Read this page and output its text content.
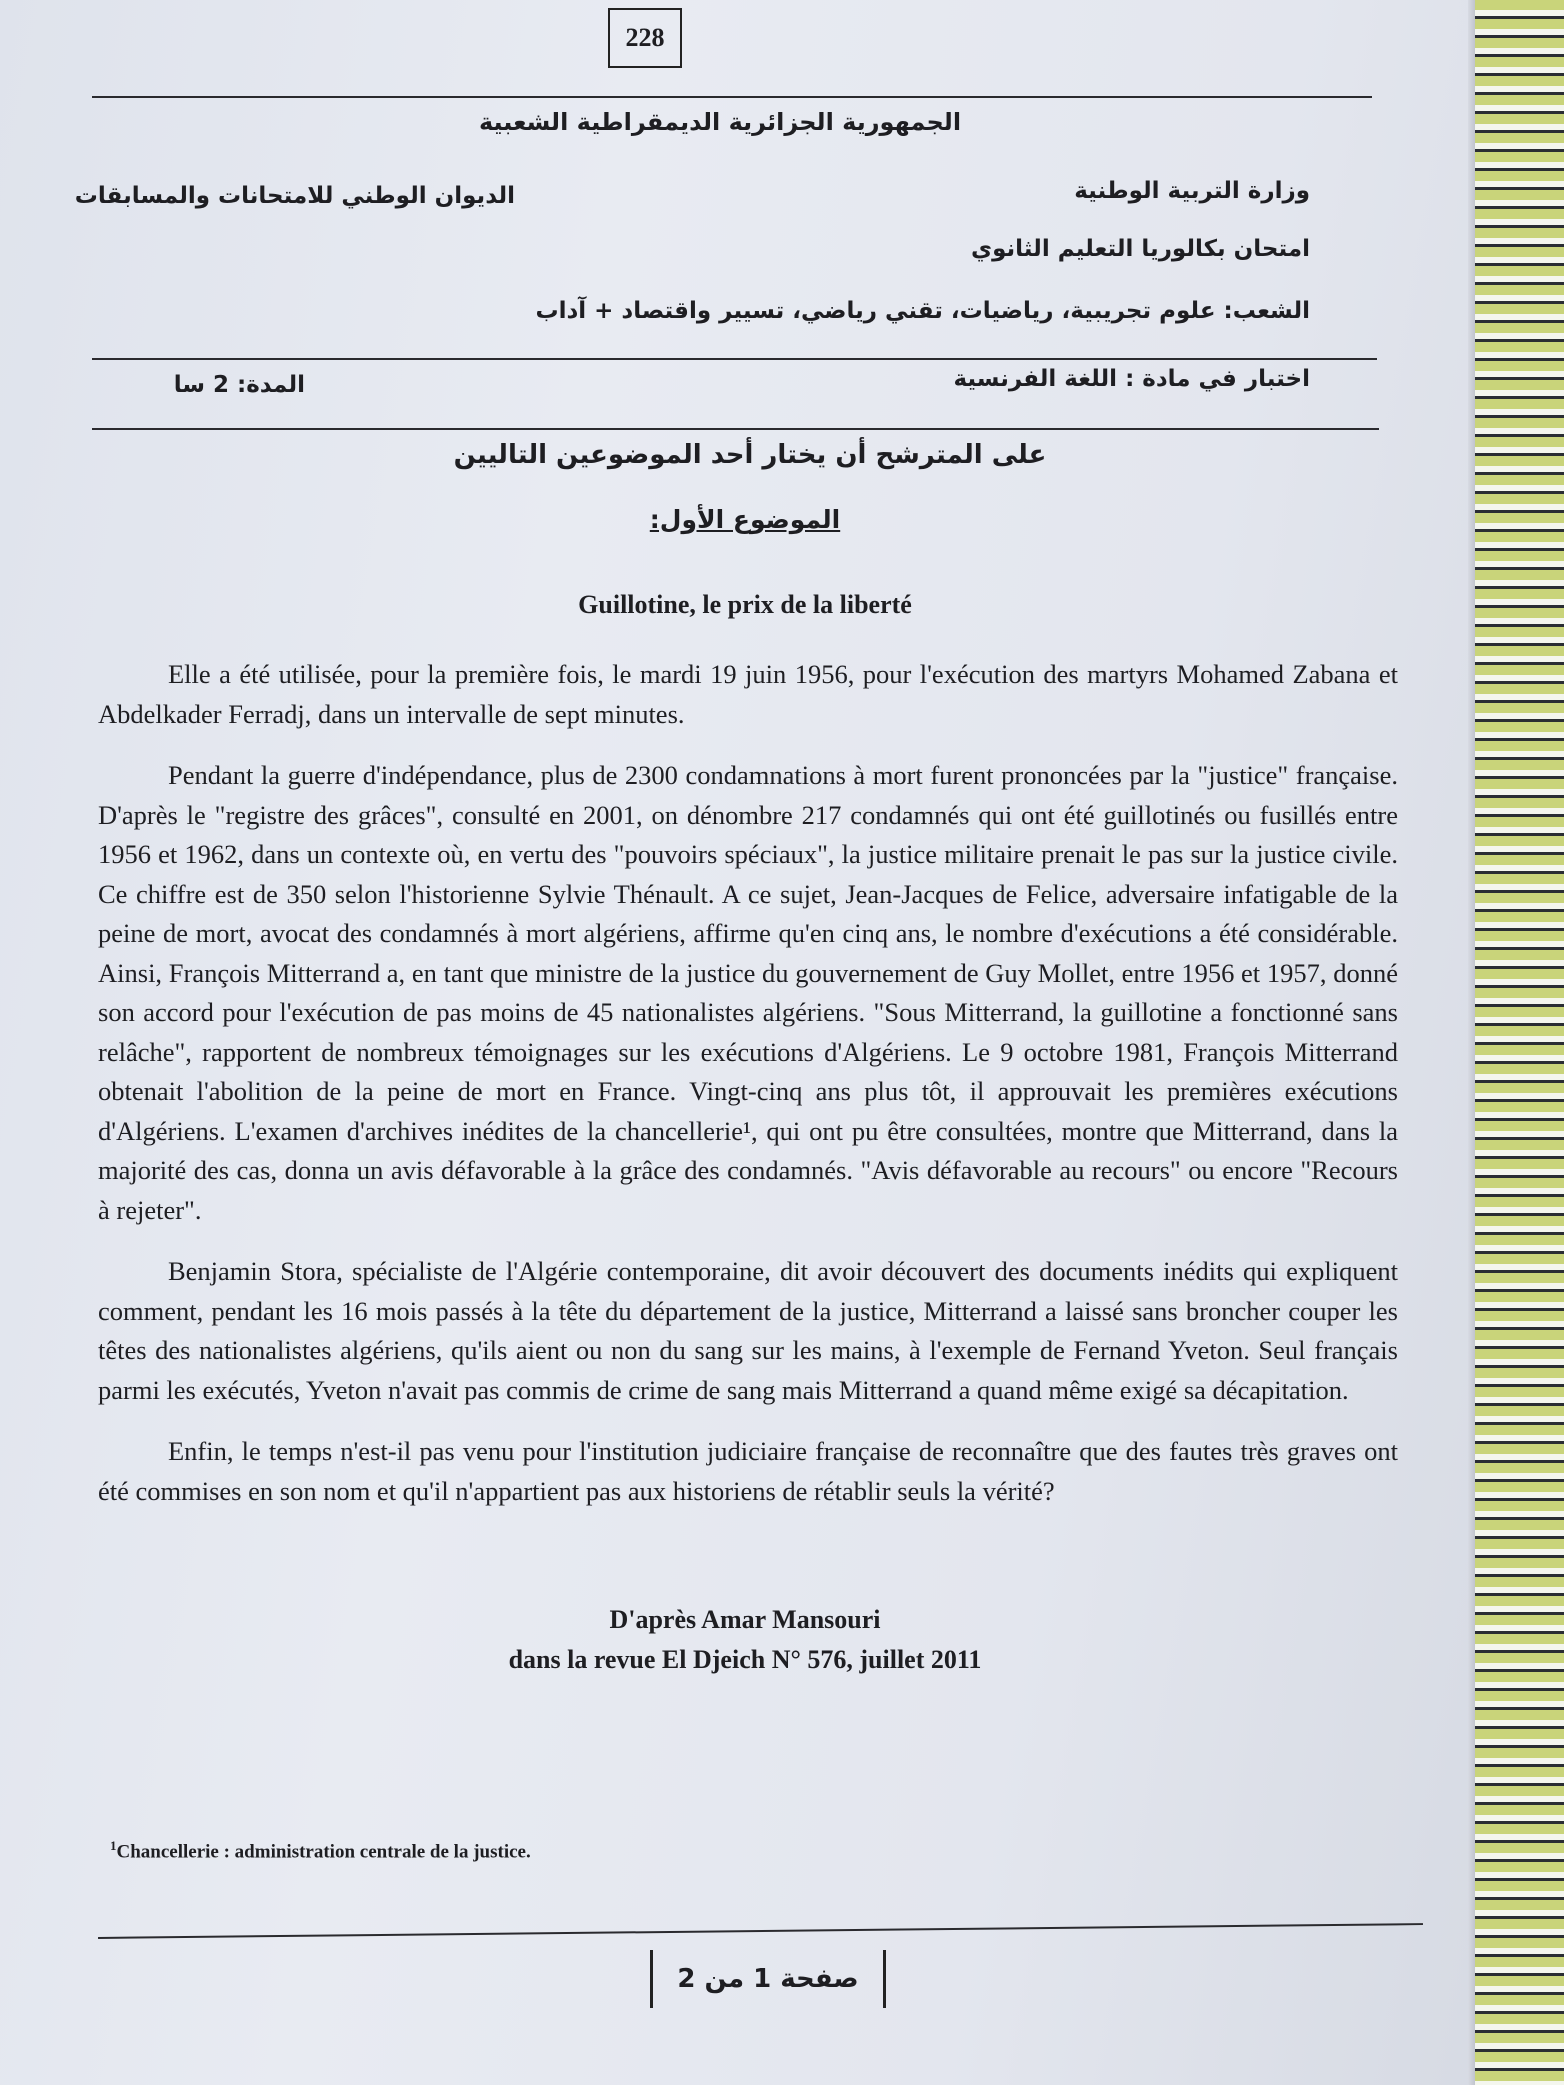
228
الجمهورية الجزائرية الديمقراطية الشعبية
وزارة التربية الوطنية
الديوان الوطني للامتحانات والمسابقات
امتحان بكالوريا التعليم الثانوي
الشعب: علوم تجريبية، رياضيات، تقني رياضي، تسيير واقتصاد + آداب
اختبار في مادة : اللغة الفرنسية
المدة: 2 سا
على المترشح أن يختار أحد الموضوعين التاليين
الموضوع الأول:
Guillotine, le prix de la liberté

Elle a été utilisée, pour la première fois, le mardi 19 juin 1956, pour l'exécution des martyrs Mohamed Zabana et Abdelkader Ferradj, dans un intervalle de sept minutes.

Pendant la guerre d'indépendance, plus de 2300 condamnations à mort furent prononcées par la "justice" française. D'après le "registre des grâces", consulté en 2001, on dénombre 217 condamnés qui ont été guillotinés ou fusillés entre 1956 et 1962, dans un contexte où, en vertu des "pouvoirs spéciaux", la justice militaire prenait le pas sur la justice civile. Ce chiffre est de 350 selon l'historienne Sylvie Thénault. A ce sujet, Jean-Jacques de Felice, adversaire infatigable de la peine de mort, avocat des condamnés à mort algériens, affirme qu'en cinq ans, le nombre d'exécutions a été considérable. Ainsi, François Mitterrand a, en tant que ministre de la justice du gouvernement de Guy Mollet, entre 1956 et 1957, donné son accord pour l'exécution de pas moins de 45 nationalistes algériens. "Sous Mitterrand, la guillotine a fonctionné sans relâche", rapportent de nombreux témoignages sur les exécutions d'Algériens. Le 9 octobre 1981, François Mitterrand obtenait l'abolition de la peine de mort en France. Vingt-cinq ans plus tôt, il approuvait les premières exécutions d'Algériens. L'examen d'archives inédites de la chancellerie¹, qui ont pu être consultées, montre que Mitterrand, dans la majorité des cas, donna un avis défavorable à la grâce des condamnés. "Avis défavorable au recours" ou encore "Recours à rejeter".

Benjamin Stora, spécialiste de l'Algérie contemporaine, dit avoir découvert des documents inédits qui expliquent comment, pendant les 16 mois passés à la tête du département de la justice, Mitterrand a laissé sans broncher couper les têtes des nationalistes algériens, qu'ils aient ou non du sang sur les mains, à l'exemple de Fernand Yveton. Seul français parmi les exécutés, Yveton n'avait pas commis de crime de sang mais Mitterrand a quand même exigé sa décapitation.

Enfin, le temps n'est-il pas venu pour l'institution judiciaire française de reconnaître que des fautes très graves ont été commises en son nom et qu'il n'appartient pas aux historiens de rétablir seuls la vérité?

D'après Amar Mansouri
dans la revue El Djeich N° 576, juillet 2011
$^1$Chancellerie : administration centrale de la justice.
صفحة 1 من 2
